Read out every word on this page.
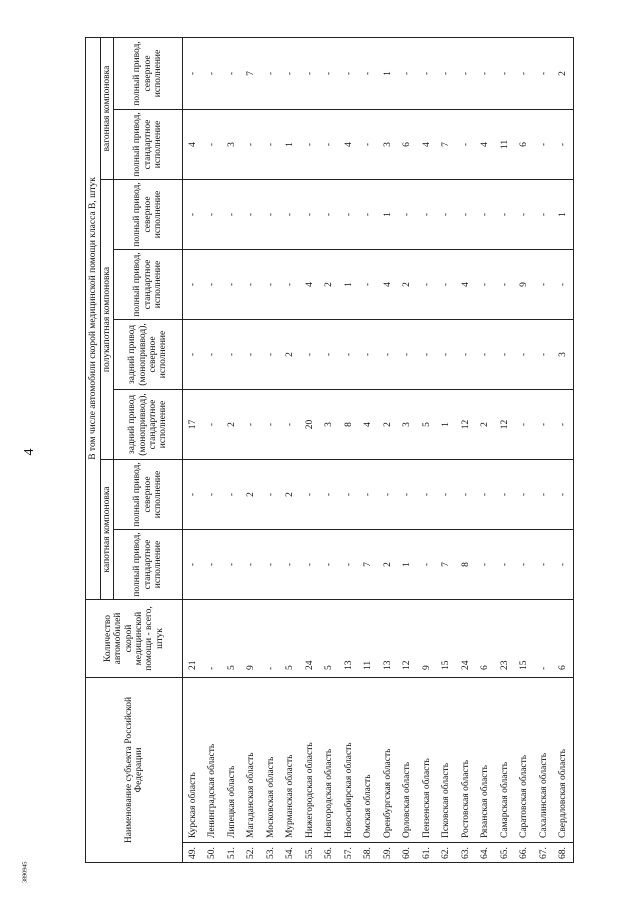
4
3890945
Наименование субъекта Российской Федерации		Количество автомобилей скорой медицинской помощи - всего, штук	В том числе автомобили скорой медицинской помощи класса B, штук							
			капотная компоновка		полукапотная компоновка				вагонная компоновка	
			полный привод, стандартное исполнение	полный привод, северное исполнение	задний привод (моноприввод), стандартное исполнение	задний привод (моноприввод), северное исполнение	полный привод, стандартное исполнение	полный привод, северное исполнение	полный привод, стандартное исполнение	полный привод, северное исполнение

49.	Курская область	21	-	-	17	-	-	-	4	-
50.	Ленинградская область	-	-	-	-	-	-	-	-	-
51.	Липецкая область	5	-	-	2	-	-	-	3	-
52.	Магаданская область	9	-	2	-	-	-	-	-	7
53.	Московская область	-	-	-	-	-	-	-	-	-
54.	Мурманская область	5	-	2	-	2	-	-	1	-
55.	Нижегородская область	24	-	-	20	-	4	-	-	-
56.	Новгородская область	5	-	-	3	-	2	-	-	-
57.	Новосибирская область	13	-	-	8	-	1	-	4	-
58.	Омская область	11	7	-	4	-	-	-	-	-
59.	Оренбургская область	13	2	-	2	-	4	1	3	1
60.	Орловская область	12	1	-	3	-	2	-	6	-
61.	Пензенская область	9	-	-	5	-	-	-	4	-
62.	Псковская область	15	7	-	1	-	-	-	7	-
63.	Ростовская область	24	8	-	12	-	4	-	-	-
64.	Рязанская область	6	-	-	2	-	-	-	4	-
65.	Самарская область	23	-	-	12	-	-	-	11	-
66.	Саратовская область	15	-	-	-	-	9	-	6	-
67.	Сахалинская область	-	-	-	-	-	-	-	-	-
68.	Свердловская область	6	-	-	-	3	-	1	-	2
